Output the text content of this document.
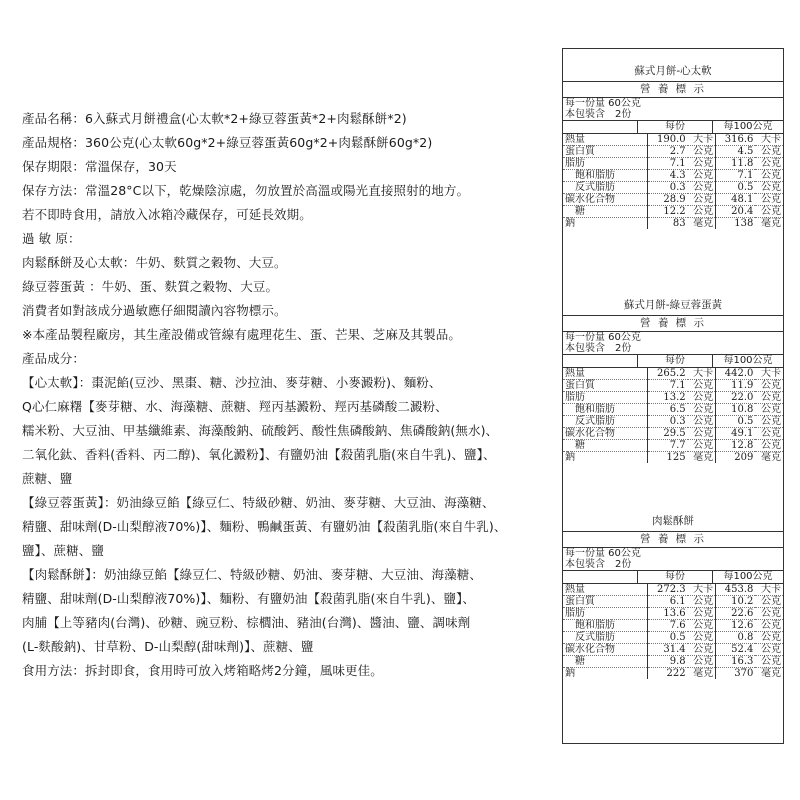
產品名稱：6入蘇式月餅禮盒(心太軟*2+綠豆蓉蛋黃*2+肉鬆酥餅*2)
產品規格：360公克(心太軟60g*2+綠豆蓉蛋黃60g*2+肉鬆酥餅60g*2)
保存期限：常溫保存，30天
保存方法：常溫28°C以下，乾燥陰涼處，勿放置於高溫或陽光直接照射的地方。
若不即時食用，請放入冰箱冷藏保存，可延長效期。
過 敏 原：
肉鬆酥餅及心太軟：牛奶、麩質之穀物、大豆。
綠豆蓉蛋黃 ：牛奶、蛋、麩質之穀物、大豆。
消費者如對該成分過敏應仔細閱讀內容物標示。
※本產品製程廠房，其生產設備或管線有處理花生、蛋、芒果、芝麻及其製品。
產品成分：
【心太軟】：棗泥餡(豆沙、黑棗、糖、沙拉油、麥芽糖、小麥澱粉)、麵粉、
Q心仁麻糬【麥芽糖、水、海藻糖、蔗糖、羥丙基澱粉、羥丙基磷酸二澱粉、
糯米粉、大豆油、甲基纖維素、海藻酸鈉、硫酸鈣、酸性焦磷酸鈉、焦磷酸鈉(無水)、
二氧化鈦、香料(香料、丙二醇)、氧化澱粉】、有鹽奶油【殺菌乳脂(來自牛乳)、鹽】、
蔗糖、鹽
【綠豆蓉蛋黃】：奶油綠豆餡【綠豆仁、特級砂糖、奶油、麥芽糖、大豆油、海藻糖、
精鹽、甜味劑(D-山梨醇液70%)】、麵粉、鴨鹹蛋黃、有鹽奶油【殺菌乳脂(來自牛乳)、
鹽】、蔗糖、鹽
【肉鬆酥餅】：奶油綠豆餡【綠豆仁、特級砂糖、奶油、麥芽糖、大豆油、海藻糖、
精鹽、甜味劑(D-山梨醇液70%)】、麵粉、有鹽奶油【殺菌乳脂(來自牛乳)、鹽】、
肉脯【上等豬肉(台灣)、砂糖、豌豆粉、棕櫚油、豬油(台灣)、醬油、鹽、調味劑
(L-麩酸鈉)、甘草粉、D-山梨醇(甜味劑)】、蔗糖、鹽
食用方法：拆封即食，食用時可放入烤箱略烤2分鐘，風味更佳。
蘇式月餅-心太軟
營 養 標 示
每一份量 60公克
本包裝含　2份
每份	每100公克
熱量	190.0	大卡	316.6	大卡
蛋白質	2.7	公克	4.5	公克
脂肪	7.1	公克	11.8	公克
飽和脂肪	4.3	公克	7.1	公克
反式脂肪	0.3	公克	0.5	公克
碳水化合物	28.9	公克	48.1	公克
糖	12.2	公克	20.4	公克
鈉	83	毫克	138	毫克
蘇式月餅-綠豆蓉蛋黃
營 養 標 示
每一份量 60公克
本包裝含　2份
每份	每100公克
熱量	265.2	大卡	442.0	大卡
蛋白質	7.1	公克	11.9	公克
脂肪	13.2	公克	22.0	公克
飽和脂肪	6.5	公克	10.8	公克
反式脂肪	0.3	公克	0.5	公克
碳水化合物	29.5	公克	49.1	公克
糖	7.7	公克	12.8	公克
鈉	125	毫克	209	毫克
肉鬆酥餅
營 養 標 示
每一份量 60公克
本包裝含　2份
每份	每100公克
熱量	272.3	大卡	453.8	大卡
蛋白質	6.1	公克	10.2	公克
脂肪	13.6	公克	22.6	公克
飽和脂肪	7.6	公克	12.6	公克
反式脂肪	0.5	公克	0.8	公克
碳水化合物	31.4	公克	52.4	公克
糖	9.8	公克	16.3	公克
鈉	222	毫克	370	毫克
